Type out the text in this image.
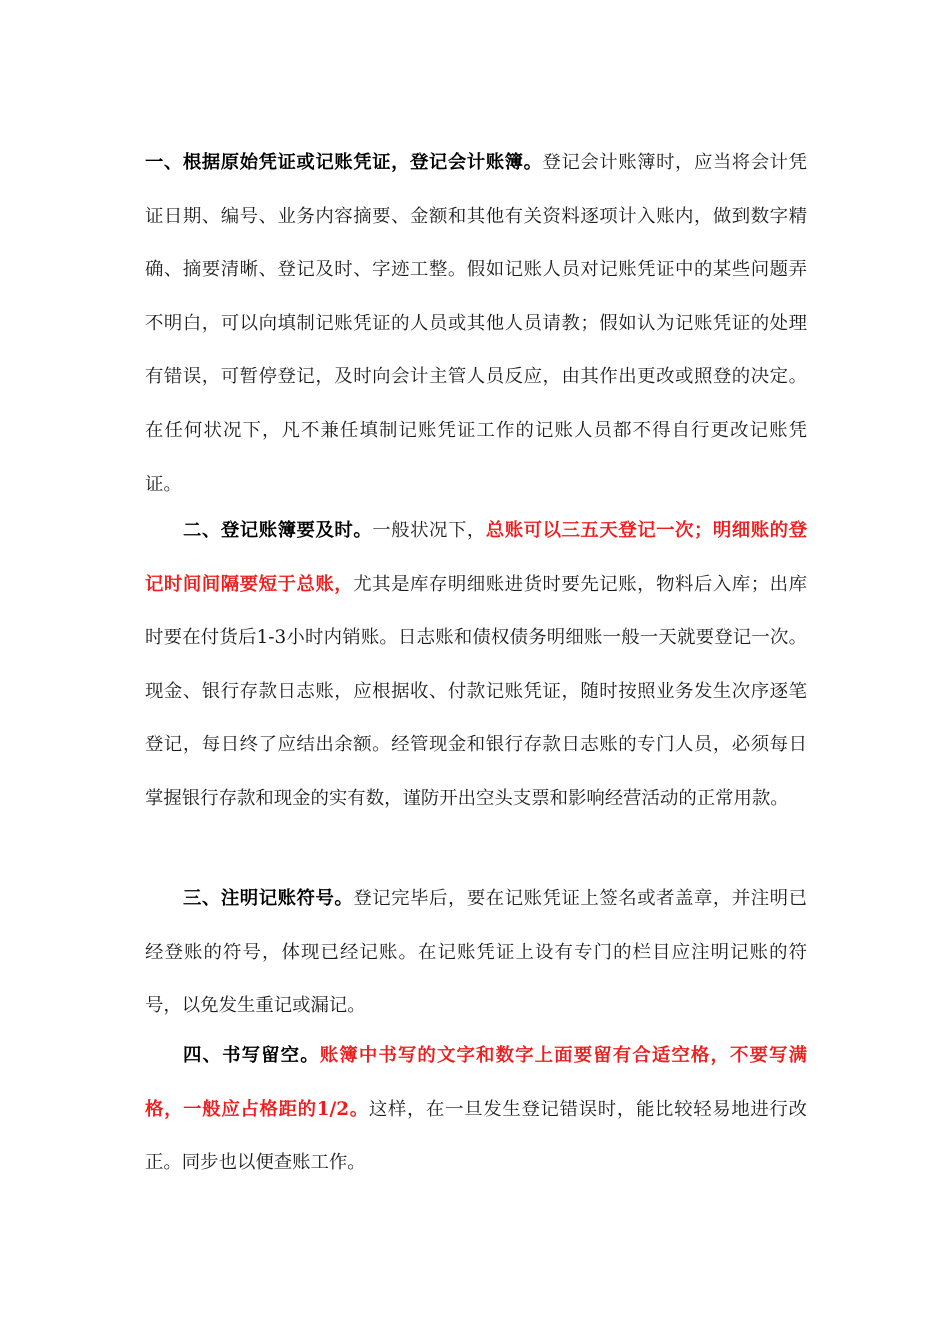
一、根据原始凭证或记账凭证，登记会计账簿。登记会计账簿时，应当将会计凭证日期、编号、业务内容摘要、金额和其他有关资料逐项计入账内，做到数字精确、摘要清晰、登记及时、字迹工整。假如记账人员对记账凭证中的某些问题弄不明白，可以向填制记账凭证的人员或其他人员请教；假如认为记账凭证的处理有错误，可暂停登记，及时向会计主管人员反应，由其作出更改或照登的决定。在任何状况下，凡不兼任填制记账凭证工作的记账人员都不得自行更改记账凭证。

二、登记账簿要及时。一般状况下，总账可以三五天登记一次；明细账的登记时间间隔要短于总账，尤其是库存明细账进货时要先记账，物料后入库；出库时要在付货后1-3小时内销账。日志账和债权债务明细账一般一天就要登记一次。现金、银行存款日志账，应根据收、付款记账凭证，随时按照业务发生次序逐笔登记，每日终了应结出余额。经管现金和银行存款日志账的专门人员，必须每日掌握银行存款和现金的实有数，谨防开出空头支票和影响经营活动的正常用款。

三、注明记账符号。登记完毕后，要在记账凭证上签名或者盖章，并注明已经登账的符号，体现已经记账。在记账凭证上设有专门的栏目应注明记账的符号，以免发生重记或漏记。

四、书写留空。账簿中书写的文字和数字上面要留有合适空格，不要写满格，一般应占格距的1/2。这样，在一旦发生登记错误时，能比较轻易地进行改正。同步也以便查账工作。
